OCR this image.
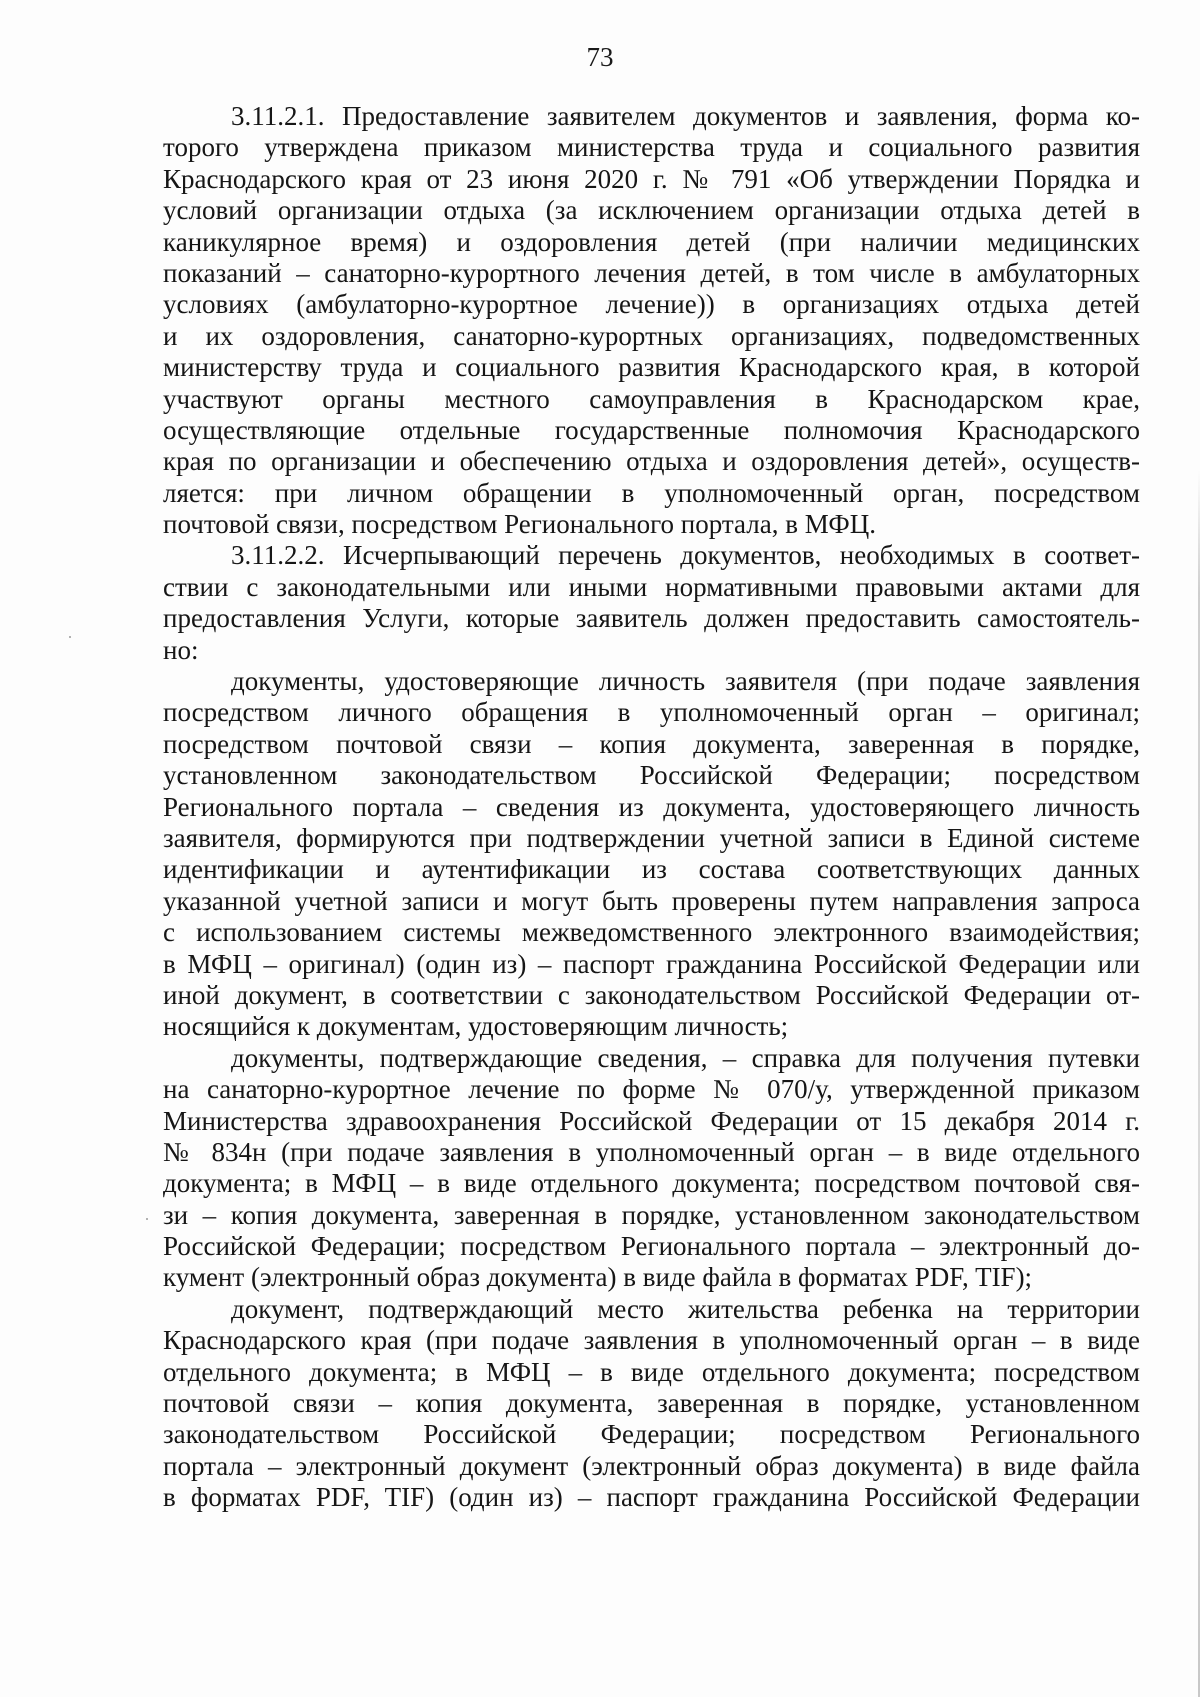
73
3.11.2.1. Предоставление заявителем документов и заявления, форма ко-
торого утверждена приказом министерства труда и социального развития
Краснодарского края от 23 июня 2020 г. № 791 «Об утверждении Порядка и
условий организации отдыха (за исключением организации отдыха детей в
каникулярное время) и оздоровления детей (при наличии медицинских
показаний – санаторно-курортного лечения детей, в том числе в амбулаторных
условиях (амбулаторно-курортное лечение)) в организациях отдыха детей
и их оздоровления, санаторно-курортных организациях, подведомственных
министерству труда и социального развития Краснодарского края, в которой
участвуют органы местного самоуправления в Краснодарском крае,
осуществляющие отдельные государственные полномочия Краснодарского
края по организации и обеспечению отдыха и оздоровления детей», осуществ-
ляется: при личном обращении в уполномоченный орган, посредством
почтовой связи, посредством Регионального портала, в МФЦ.
3.11.2.2. Исчерпывающий перечень документов, необходимых в соответ-
ствии с законодательными или иными нормативными правовыми актами для
предоставления Услуги, которые заявитель должен предоставить самостоятель-
но:
документы, удостоверяющие личность заявителя (при подаче заявления
посредством личного обращения в уполномоченный орган – оригинал;
посредством почтовой связи – копия документа, заверенная в порядке,
установленном законодательством Российской Федерации; посредством
Регионального портала – сведения из документа, удостоверяющего личность
заявителя, формируются при подтверждении учетной записи в Единой системе
идентификации и аутентификации из состава соответствующих данных
указанной учетной записи и могут быть проверены путем направления запроса
с использованием системы межведомственного электронного взаимодействия;
в МФЦ – оригинал) (один из) – паспорт гражданина Российской Федерации или
иной документ, в соответствии с законодательством Российской Федерации от-
носящийся к документам, удостоверяющим личность;
документы, подтверждающие сведения, – справка для получения путевки
на санаторно-курортное лечение по форме № 070/у, утвержденной приказом
Министерства здравоохранения Российской Федерации от 15 декабря 2014 г.
№ 834н (при подаче заявления в уполномоченный орган – в виде отдельного
документа; в МФЦ – в виде отдельного документа; посредством почтовой свя-
зи – копия документа, заверенная в порядке, установленном законодательством
Российской Федерации; посредством Регионального портала – электронный до-
кумент (электронный образ документа) в виде файла в форматах PDF, TIF);
документ, подтверждающий место жительства ребенка на территории
Краснодарского края (при подаче заявления в уполномоченный орган – в виде
отдельного документа; в МФЦ – в виде отдельного документа; посредством
почтовой связи – копия документа, заверенная в порядке, установленном
законодательством Российской Федерации; посредством Регионального
портала – электронный документ (электронный образ документа) в виде файла
в форматах PDF, TIF) (один из) – паспорт гражданина Российской Федерации
